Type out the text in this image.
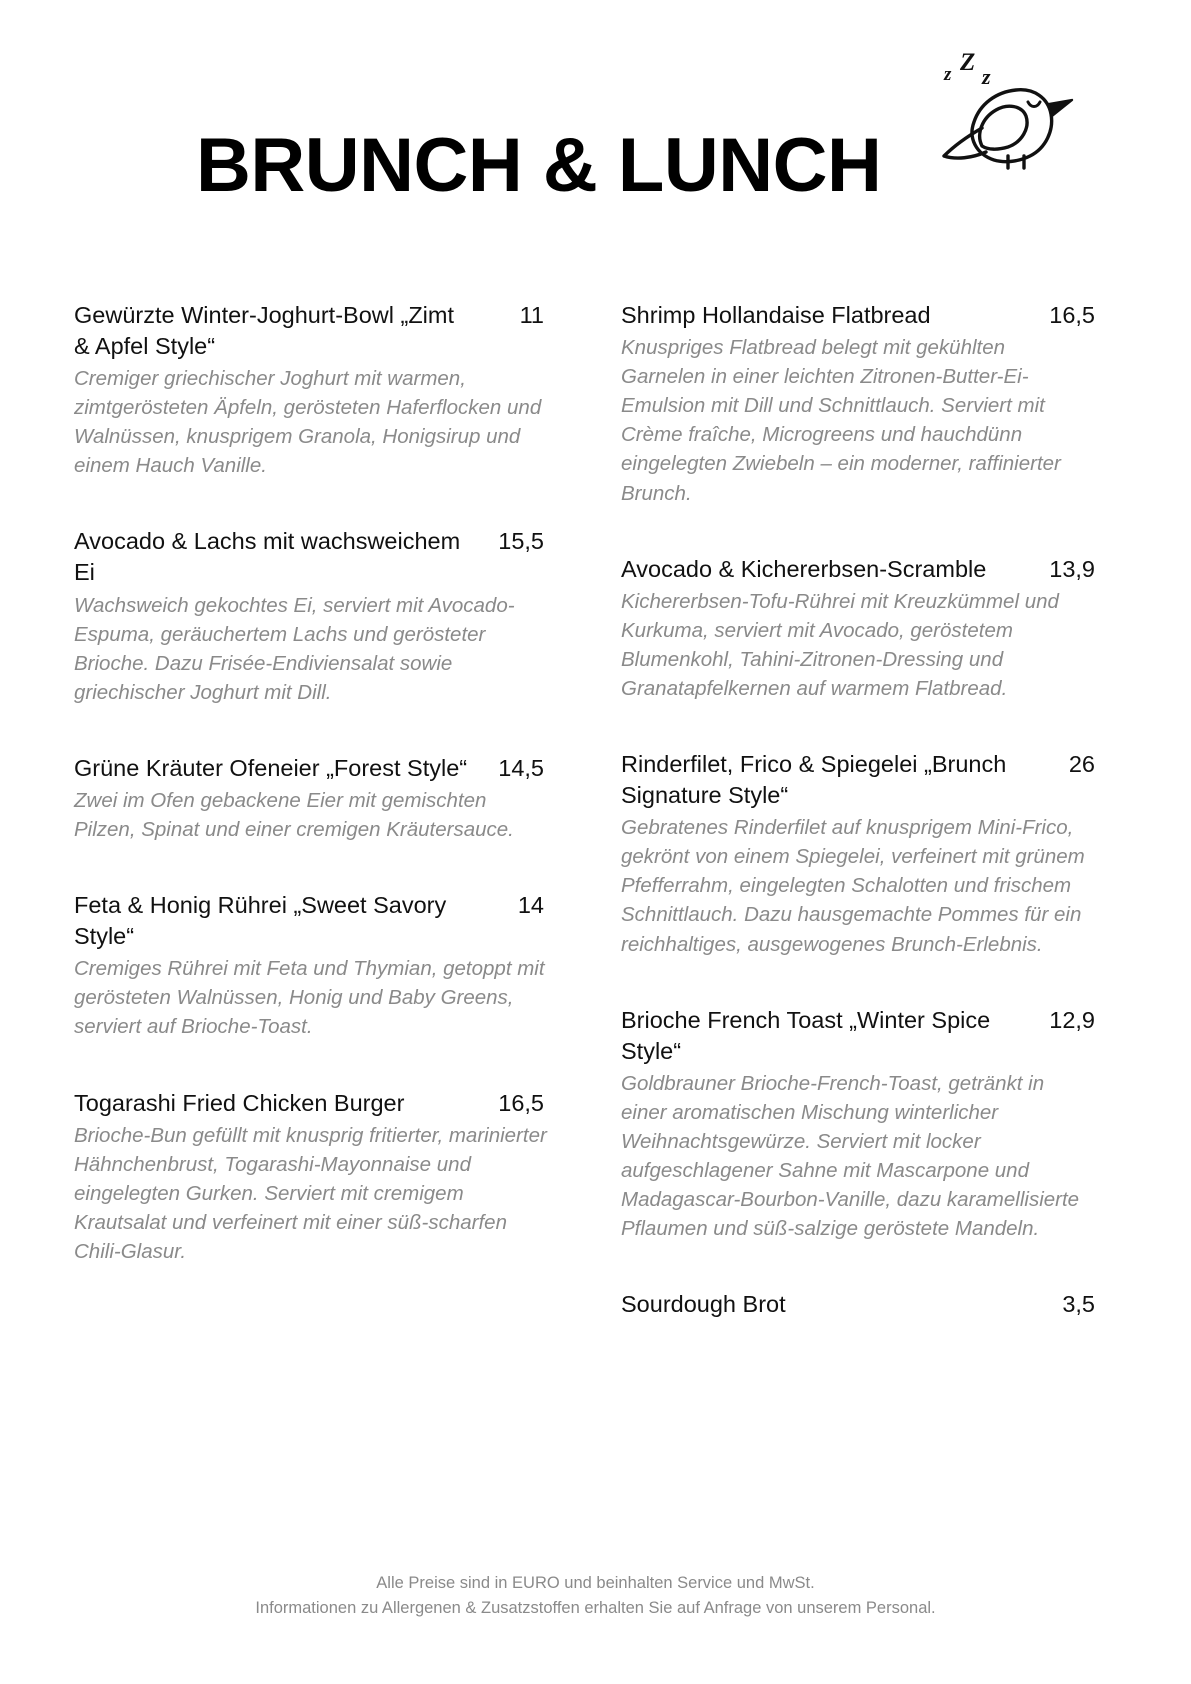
BRUNCH & LUNCH
z Z
z
Gewürzte Winter-Joghurt-Bowl „Zimt & Apfel Style“
11
Cremiger griechischer Joghurt mit warmen, zimtgerösteten Äpfeln, gerösteten Haferflocken und Walnüssen, knusprigem Granola, Honigsirup und einem Hauch Vanille.
Avocado & Lachs mit wachsweichem Ei
15,5
Wachsweich gekochtes Ei, serviert mit Avocado-Espuma, geräuchertem Lachs und gerösteter Brioche. Dazu Frisée-Endiviensalat sowie griechischer Joghurt mit Dill.
Grüne Kräuter Ofeneier „Forest Style“	14,5
Zwei im Ofen gebackene Eier mit gemischten Pilzen, Spinat und einer cremigen Kräutersauce.
Feta & Honig Rührei „Sweet Savory Style“
14
Cremiges Rührei mit Feta und Thymian, getoppt mit gerösteten Walnüssen, Honig und Baby Greens, serviert auf Brioche-Toast.
Togarashi Fried Chicken Burger	16,5
Brioche-Bun gefüllt mit knusprig fritierter, marinierter Hähnchenbrust, Togarashi-Mayonnaise und eingelegten Gurken. Serviert mit cremigem Krautsalat und verfeinert mit einer süß-scharfen Chili-Glasur.
Shrimp Hollandaise Flatbread	16,5
Knuspriges Flatbread belegt mit gekühlten Garnelen in einer leichten Zitronen-Butter-Ei-Emulsion mit Dill und Schnittlauch. Serviert mit Crème fraîche, Microgreens und hauchdünn eingelegten Zwiebeln – ein moderner, raffinierter Brunch.
Avocado & Kichererbsen-Scramble	13,9
Kichererbsen-Tofu-Rührei mit Kreuzkümmel und Kurkuma, serviert mit Avocado, geröstetem Blumenkohl, Tahini-Zitronen-Dressing und Granatapfelkernen auf warmem Flatbread.
Rinderfilet, Frico & Spiegelei „Brunch Signature Style“
26
Gebratenes Rinderfilet auf knusprigem Mini-Frico, gekrönt von einem Spiegelei, verfeinert mit grünem Pfefferrahm, eingelegten Schalotten und frischem Schnittlauch. Dazu hausgemachte Pommes für ein reichhaltiges, ausgewogenes Brunch-Erlebnis.
Brioche French Toast „Winter Spice Style“
12,9
Goldbrauner Brioche-French-Toast, getränkt in einer aromatischen Mischung winterlicher Weihnachtsgewürze. Serviert mit locker aufgeschlagener Sahne mit Mascarpone und Madagascar-Bourbon-Vanille, dazu karamellisierte Pflaumen und süß-salzige geröstete Mandeln.
Sourdough Brot	3,5
Alle Preise sind in EURO und beinhalten Service und MwSt.
Informationen zu Allergenen & Zusatzstoffen erhalten Sie auf Anfrage von unserem Personal.
